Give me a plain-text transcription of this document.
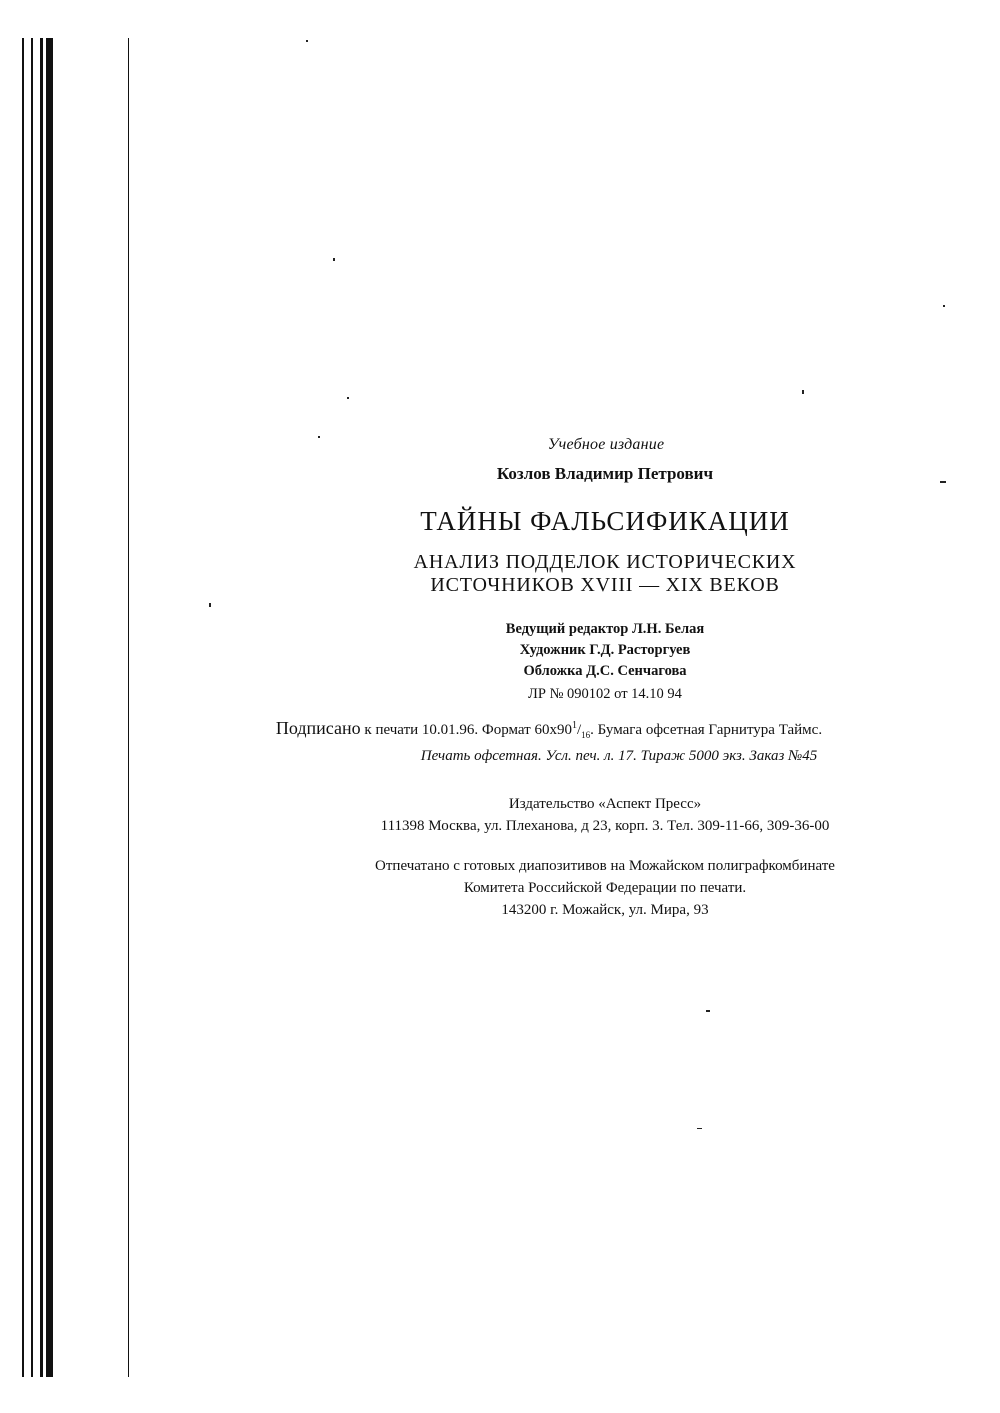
Учебное издание
Козлов Владимир Петрович
ТАЙНЫ ФАЛЬСИФИКАЦИИ
АНАЛИЗ ПОДДЕЛОК ИСТОРИЧЕСКИХ
ИСТОЧНИКОВ XVIII — XIX ВЕКОВ
Ведущий редактор Л.Н. Белая
Художник Г.Д. Расторгуев
Обложка Д.С. Сенчагова
ЛР № 090102 от 14.10 94
Подписано к печати 10.01.96. Формат $60х90^1/_{16}$. Бумага офсетная Гарнитура Таймс.
Печать офсетная. Усл. печ. л. 17. Тираж 5000 экз. Заказ №45
Издательство «Аспект Пресс»
111398 Москва, ул. Плеханова, д 23, корп. 3. Тел. 309-11-66, 309-36-00
Отпечатано с готовых диапозитивов на Можайском полиграфкомбинате
Комитета Российской Федерации по печати.
143200 г. Можайск, ул. Мира, 93
